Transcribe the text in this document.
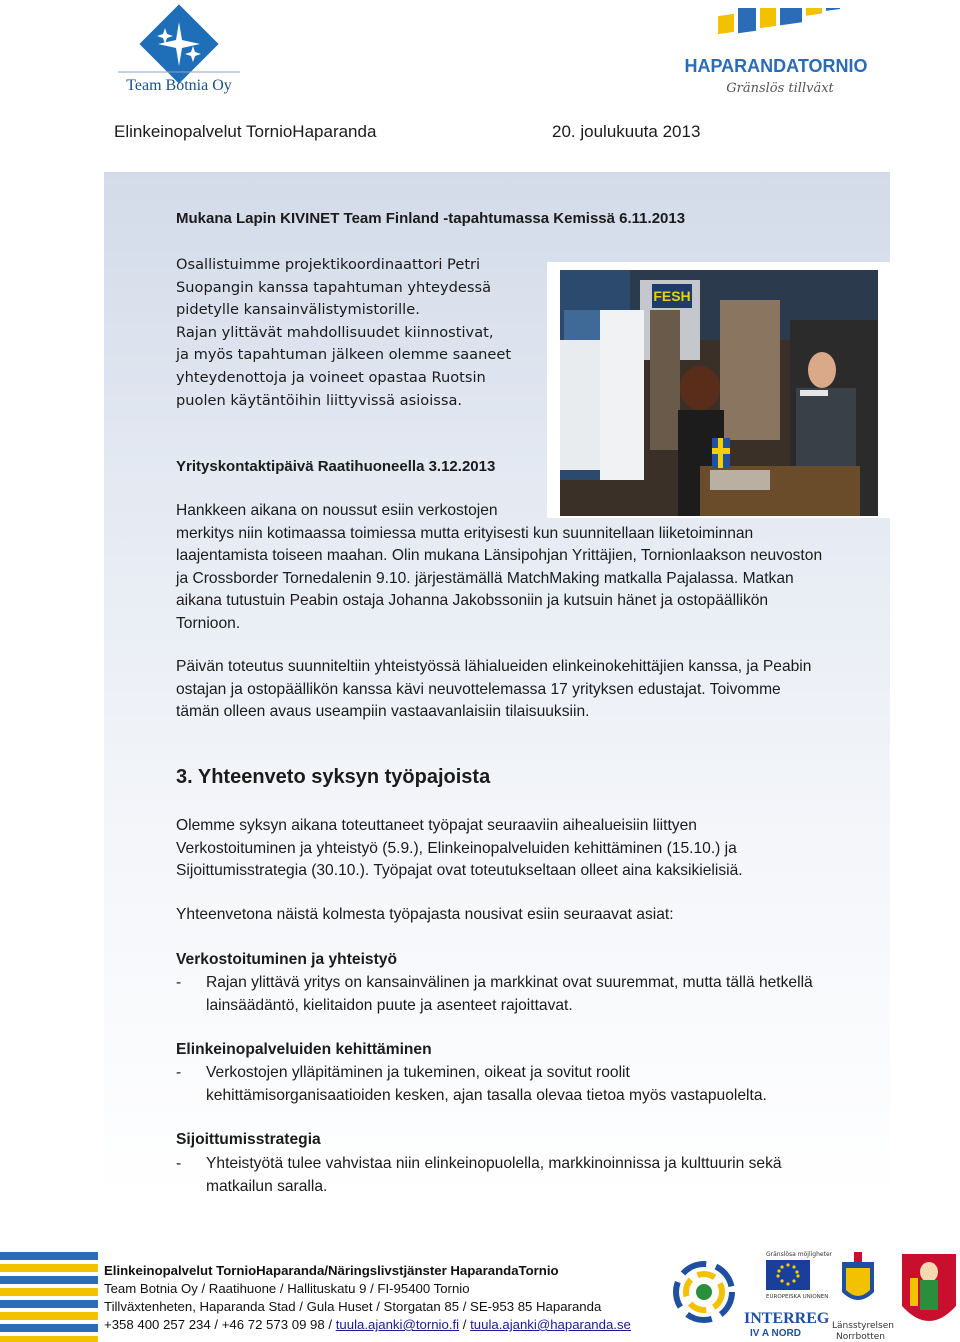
Team Botnia Oy
HAPARANDATORNIO
Gränslös tillväxt
Elinkeinopalvelut TornioHaparanda	20. joulukuuta 2013
Mukana Lapin KIVINET Team Finland -tapahtumassa Kemissä 6.11.2013
Osallistuimme projektikoordinaattori Petri
Suopangin kanssa tapahtuman yhteydessä
pidetylle kansainvälistymistorille.
Rajan ylittävät mahdollisuudet kiinnostivat,
ja myös tapahtuman jälkeen olemme saaneet
yhteydenottoja ja voineet opastaa Ruotsin
puolen käytäntöihin liittyvissä asioissa.
FESH
Yrityskontaktipäivä Raatihuoneella 3.12.2013
Hankkeen aikana on noussut esiin verkostojen
merkitys niin kotimaassa toimiessa mutta erityisesti kun suunnitellaan liiketoiminnan
laajentamista toiseen maahan. Olin mukana Länsipohjan Yrittäjien, Tornionlaakson neuvoston
ja Crossborder Tornedalenin 9.10. järjestämällä MatchMaking matkalla Pajalassa. Matkan
aikana tutustuin Peabin ostaja Johanna Jakobssoniin ja kutsuin hänet ja ostopäällikön
Tornioon.
Päivän toteutus suunniteltiin yhteistyössä lähialueiden elinkeinokehittäjien kanssa, ja Peabin
ostajan ja ostopäällikön kanssa kävi neuvottelemassa 17 yrityksen edustajat. Toivomme
tämän olleen avaus useampiin vastaavanlaisiin tilaisuuksiin.
3. Yhteenveto syksyn työpajoista
Olemme syksyn aikana toteuttaneet työpajat seuraaviin aihealueisiin liittyen
Verkostoituminen ja yhteistyö (5.9.), Elinkeinopalveluiden kehittäminen (15.10.) ja
Sijoittumisstrategia (30.10.). Työpajat ovat toteutukseltaan olleet aina kaksikielisiä.
Yhteenvetona näistä kolmesta työpajasta nousivat esiin seuraavat asiat:
Verkostoituminen ja yhteistyö
- Rajan ylittävä yritys on kansainvälinen ja markkinat ovat suuremmat, mutta tällä hetkellä
lainsäädäntö, kielitaidon puute ja asenteet rajoittavat.
Elinkeinopalveluiden kehittäminen
- Verkostojen ylläpitäminen ja tukeminen, oikeat ja sovitut roolit
kehittämisorganisaatioiden kesken, ajan tasalla olevaa tietoa myös vastapuolelta.
Sijoittumisstrategia
- Yhteistyötä tulee vahvistaa niin elinkeinopuolella, markkinoinnissa ja kulttuurin sekä
matkailun saralla.
Elinkeinopalvelut TornioHaparanda/Näringslivstjänster HaparandaTornio
Team Botnia Oy / Raatihuone / Hallituskatu 9 / FI-95400 Tornio
Tillväxtenheten, Haparanda Stad / Gula Huset / Storgatan 85 / SE-953 85 Haparanda
+358 400 257 234 / +46 72 573 09 98 / tuula.ajanki@tornio.fi / tuula.ajanki@haparanda.se	INTERREG
IV A NORD
Gränslösa möjligheter
EUROPEISKA UNIONEN
Länsstyrelsen
Norrbotten
